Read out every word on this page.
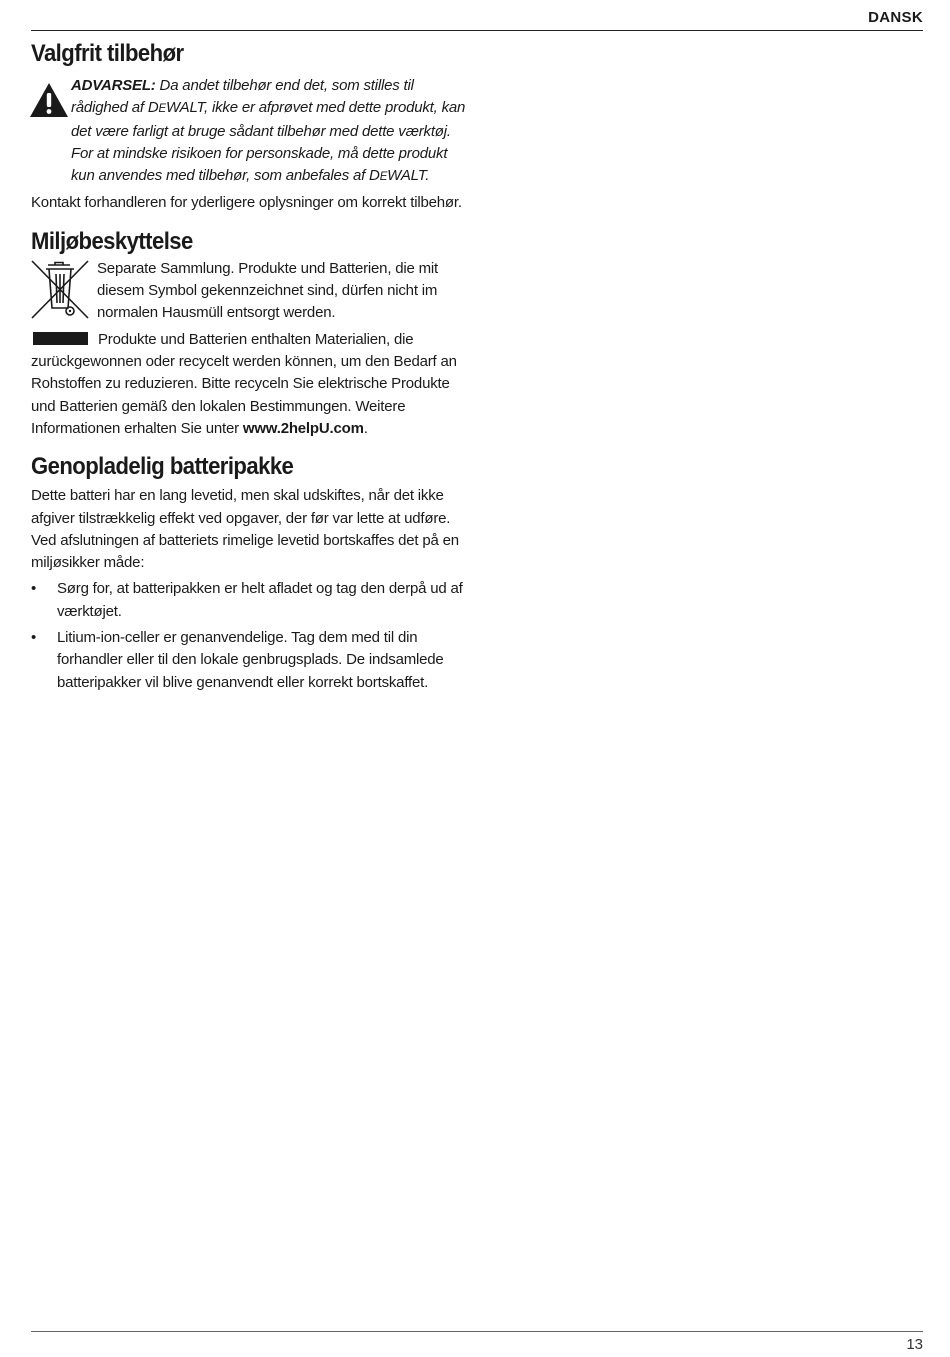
DANSK
Valgfrit tilbehør

ADVARSEL: Da andet tilbehør end det, som stilles til rådighed af DEWALT, ikke er afprøvet med dette produkt, kan det være farligt at bruge sådant tilbehør med dette værktøj. For at mindske risikoen for personskade, må dette produkt kun anvendes med tilbehør, som anbefales af DEWALT.

Kontakt forhandleren for yderligere oplysninger om korrekt tilbehør.

Miljøbeskyttelse

Separate Sammlung. Produkte und Batterien, die mit diesem Symbol gekennzeichnet sind, dürfen nicht im normalen Hausmüll entsorgt werden.

Produkte und Batterien enthalten Materialien, die zurückgewonnen oder recycelt werden können, um den Bedarf an Rohstoffen zu reduzieren. Bitte recyceln Sie elektrische Produkte und Batterien gemäß den lokalen Bestimmungen. Weitere Informationen erhalten Sie unter www.2helpU.com.

Genopladelig batteripakke

Dette batteri har en lang levetid, men skal udskiftes, når det ikke afgiver tilstrækkelig effekt ved opgaver, der før var lette at udføre. Ved afslutningen af batteriets rimelige levetid bortskaffes det på en miljøsikker måde:

• Sørg for, at batteripakken er helt afladet og tag den derpå ud af værktøjet.
• Litium-ion-celler er genanvendelige. Tag dem med til din forhandler eller til den lokale genbrugsplads. De indsamlede batteripakker vil blive genanvendt eller korrekt bortskaffet.
13
